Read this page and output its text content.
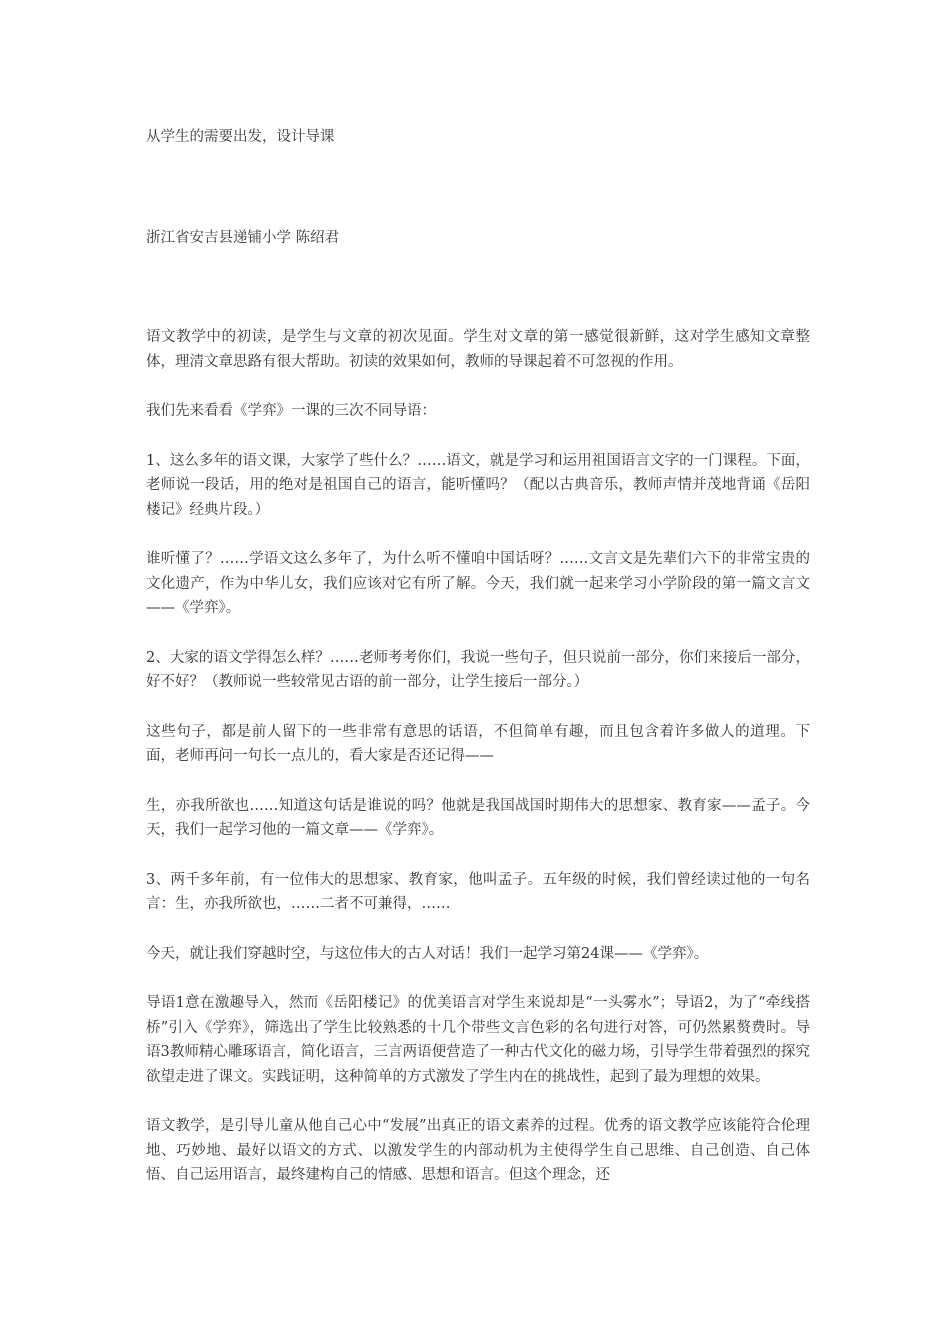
从学生的需要出发，设计导课
浙江省安吉县递铺小学 陈绍君

语文教学中的初读，是学生与文章的初次见面。学生对文章的第一感觉很新鲜，这对学生感知文章整体，理清文章思路有很大帮助。初读的效果如何，教师的导课起着不可忽视的作用。

我们先来看看《学弈》一课的三次不同导语：

1、这么多年的语文课，大家学了些什么？……语文，就是学习和运用祖国语言文字的一门课程。下面，老师说一段话，用的绝对是祖国自己的语言，能听懂吗？（配以古典音乐，教师声情并茂地背诵《岳阳楼记》经典片段。）

谁听懂了？……学语文这么多年了，为什么听不懂咱中国话呀？……文言文是先辈们六下的非常宝贵的文化遗产，作为中华儿女，我们应该对它有所了解。今天，我们就一起来学习小学阶段的第一篇文言文——《学弈》。

2、大家的语文学得怎么样？……老师考考你们，我说一些句子，但只说前一部分，你们来接后一部分，好不好？（教师说一些较常见古语的前一部分，让学生接后一部分。）

这些句子，都是前人留下的一些非常有意思的话语，不但简单有趣，而且包含着许多做人的道理。下面，老师再问一句长一点儿的，看大家是否还记得——

生，亦我所欲也……知道这句话是谁说的吗？他就是我国战国时期伟大的思想家、教育家——孟子。今天，我们一起学习他的一篇文章——《学弈》。

3、两千多年前，有一位伟大的思想家、教育家，他叫孟子。五年级的时候，我们曾经读过他的一句名言：生，亦我所欲也，……二者不可兼得，……

今天，就让我们穿越时空，与这位伟大的古人对话！我们一起学习第24课——《学弈》。

导语1意在激趣导入，然而《岳阳楼记》的优美语言对学生来说却是“一头雾水”；导语2，为了“牵线搭桥”引入《学弈》，筛选出了学生比较熟悉的十几个带些文言色彩的名句进行对答，可仍然累赘费时。导语3教师精心雕琢语言，简化语言，三言两语便营造了一种古代文化的磁力场，引导学生带着强烈的探究欲望走进了课文。实践证明，这种简单的方式激发了学生内在的挑战性，起到了最为理想的效果。

语文教学，是引导儿童从他自己心中“发展”出真正的语文素养的过程。优秀的语文教学应该能符合伦理地、巧妙地、最好以语文的方式、以激发学生的内部动机为主使得学生自己思维、自己创造、自己体悟、自己运用语言，最终建构自己的情感、思想和语言。但这个理念，还
